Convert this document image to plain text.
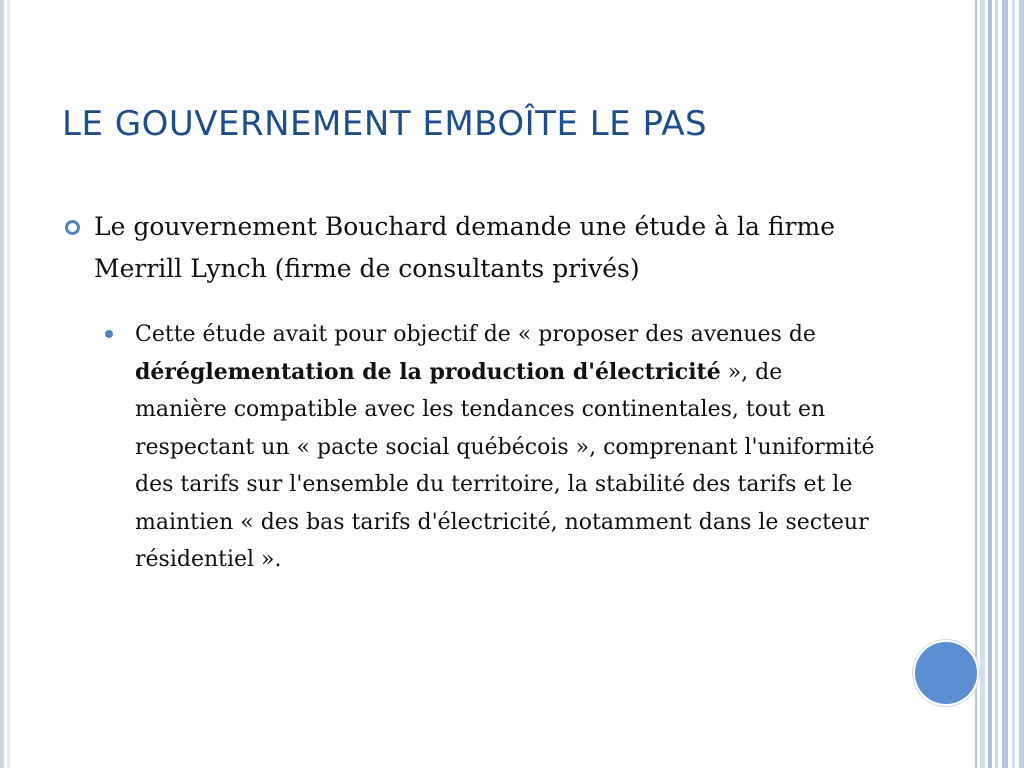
LE GOUVERNEMENT EMBOÎTE LE PAS
Le gouvernement Bouchard demande une étude à la firme Merrill Lynch (firme de consultants privés)
Cette étude avait pour objectif de « proposer des avenues de déréglementation de la production d'électricité », de manière compatible avec les tendances continentales, tout en respectant un « pacte social québécois », comprenant l'uniformité des tarifs sur l'ensemble du territoire, la stabilité des tarifs et le maintien « des bas tarifs d'électricité, notamment dans le secteur résidentiel ».
